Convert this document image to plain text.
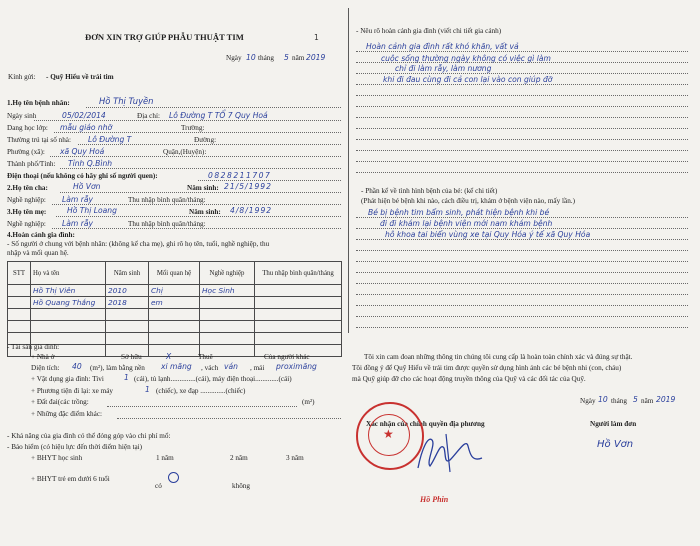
ĐƠN XIN TRỢ GIÚP PHẪU THUẬT TIM	1
Ngày 10 tháng 5 năm 2019
Kính gửi: - Quỹ Hiểu về trái tim
1.Họ tên bệnh nhân:	Hồ Thị Tuyền
Ngày sinh	05/02/2014	Địa chỉ: Lô Đường T TỔ 7 Quy Hoá
Dang học lớp: mẫu giáo nhỡ	Trường:
Thường trú tại số nhà: Lô Đường T	Đường:
Phường (xã): xã Quy Hoá	Quận,(Huyện):
Thành phố/Tỉnh: Tỉnh Q.Bình
Điện thoại (nếu không có hãy ghi số người quen):	0828211707
2.Họ tên cha:	Hồ Vơn	Năm sinh: 21/5/1992
Nghề nghiệp: Làm rẫy	Thu nhập bình quân/tháng:
3.Họ tên mẹ:	Hồ Thị Loang	Năm sinh: 4/8/1992
Nghề nghiệp: Làm rẫy	Thu nhập bình quân/tháng:
4.Hoàn cảnh gia đình:
- Số người ở chung với bệnh nhân: (không kể cha mẹ), ghi rõ họ tên, tuổi, nghề nghiệp, thu
nhập và mối quan hệ.
STT	Họ và tên	Năm sinh	Mối quan hệ	Nghề nghiệp	Thu nhập bình quân/tháng
	Hồ Thị Viên	2010	Chị	Học Sinh	
	Hồ Quang Thắng	2018	em		

- Tài sản gia đình:
+ Nhà ở	Sở hữu	X	Thuê	Của người khác
Diện tích: 40 (m²), làm bằng nền xi măng , vách ván , mái proximăng
+ Vật dụng gia đình: Tivi	1 (cái), tủ lạnh..............(cái), máy điện thoại.............(cái)
+ Phương tiện đi lại: xe máy	1 (chiếc), xe đạp ..............(chiếc)
+ Đất đai(các trồng:	(m²)
+ Những đặc điểm khác:
- Khả năng của gia đình có thể đóng góp vào chi phí mổ:
- Bảo hiểm (có hiệu lực đến thời điểm hiện tại)
+ BHYT học sinh	1 năm	2 năm	3 năm
+ BHYT trẻ em dưới 6 tuổi
có	không
- Nêu rõ hoàn cảnh gia đình (viết chi tiết gia cảnh)
Hoàn cảnh gia đình rất khó khăn, vất vả
cuộc sống thường ngày không có việc gì làm
chỉ đi làm rẫy, làm nương
khi đi đau cùng đi cả con lại vào con giúp đỡ
- Phần kể về tình hình bệnh của bé: (kể chi tiết)
(Phát hiện bé bệnh khi nào, cách điều trị, khám ở bệnh viện nào, mấy lần.)
Bé bị bệnh tim bẩm sinh, phát hiện bệnh khi bé
đi đi khám lại bệnh viện mới nam khám bệnh
hô khoa tai biển vùng xe tại Quy Hóa ý tế xã Quy Hóa
Tôi xin cam đoan những thông tin chúng tôi cung cấp là hoàn toàn chính xác và đúng sự thật.
Tôi đồng ý để Quỹ Hiểu về trái tim được quyền sử dụng hình ảnh các bé bệnh nhi (con, cháu)
mà Quỹ giúp đỡ cho các hoạt động truyền thông của Quỹ và các đối tác của Quỹ.
Ngày 10 tháng 5 năm 2019
Xác nhận của chính quyền địa phương
★
Hồ Phin
Người làm đơn
Hồ Vơn
